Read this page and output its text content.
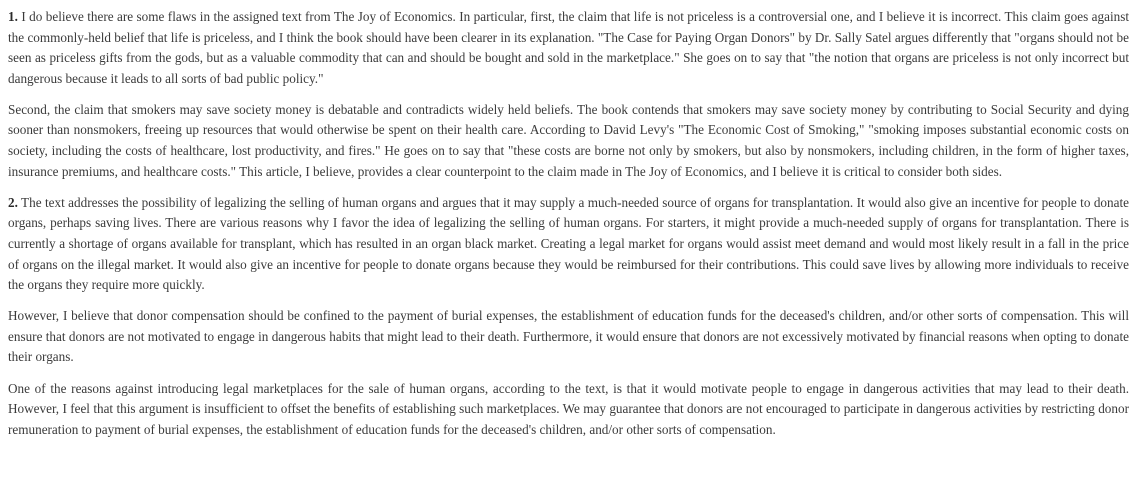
1. I do believe there are some flaws in the assigned text from The Joy of Economics. In particular, first, the claim that life is not priceless is a controversial one, and I believe it is incorrect. This claim goes against the commonly-held belief that life is priceless, and I think the book should have been clearer in its explanation. "The Case for Paying Organ Donors" by Dr. Sally Satel argues differently that "organs should not be seen as priceless gifts from the gods, but as a valuable commodity that can and should be bought and sold in the marketplace." She goes on to say that "the notion that organs are priceless is not only incorrect but dangerous because it leads to all sorts of bad public policy."

Second, the claim that smokers may save society money is debatable and contradicts widely held beliefs. The book contends that smokers may save society money by contributing to Social Security and dying sooner than nonsmokers, freeing up resources that would otherwise be spent on their health care. According to David Levy's "The Economic Cost of Smoking," "smoking imposes substantial economic costs on society, including the costs of healthcare, lost productivity, and fires." He goes on to say that "these costs are borne not only by smokers, but also by nonsmokers, including children, in the form of higher taxes, insurance premiums, and healthcare costs." This article, I believe, provides a clear counterpoint to the claim made in The Joy of Economics, and I believe it is critical to consider both sides.

2. The text addresses the possibility of legalizing the selling of human organs and argues that it may supply a much-needed source of organs for transplantation. It would also give an incentive for people to donate organs, perhaps saving lives. There are various reasons why I favor the idea of legalizing the selling of human organs. For starters, it might provide a much-needed supply of organs for transplantation. There is currently a shortage of organs available for transplant, which has resulted in an organ black market. Creating a legal market for organs would assist meet demand and would most likely result in a fall in the price of organs on the illegal market. It would also give an incentive for people to donate organs because they would be reimbursed for their contributions. This could save lives by allowing more individuals to receive the organs they require more quickly.

However, I believe that donor compensation should be confined to the payment of burial expenses, the establishment of education funds for the deceased's children, and/or other sorts of compensation. This will ensure that donors are not motivated to engage in dangerous habits that might lead to their death. Furthermore, it would ensure that donors are not excessively motivated by financial reasons when opting to donate their organs.

One of the reasons against introducing legal marketplaces for the sale of human organs, according to the text, is that it would motivate people to engage in dangerous activities that may lead to their death. However, I feel that this argument is insufficient to offset the benefits of establishing such marketplaces. We may guarantee that donors are not encouraged to participate in dangerous activities by restricting donor remuneration to payment of burial expenses, the establishment of education funds for the deceased's children, and/or other sorts of compensation.
